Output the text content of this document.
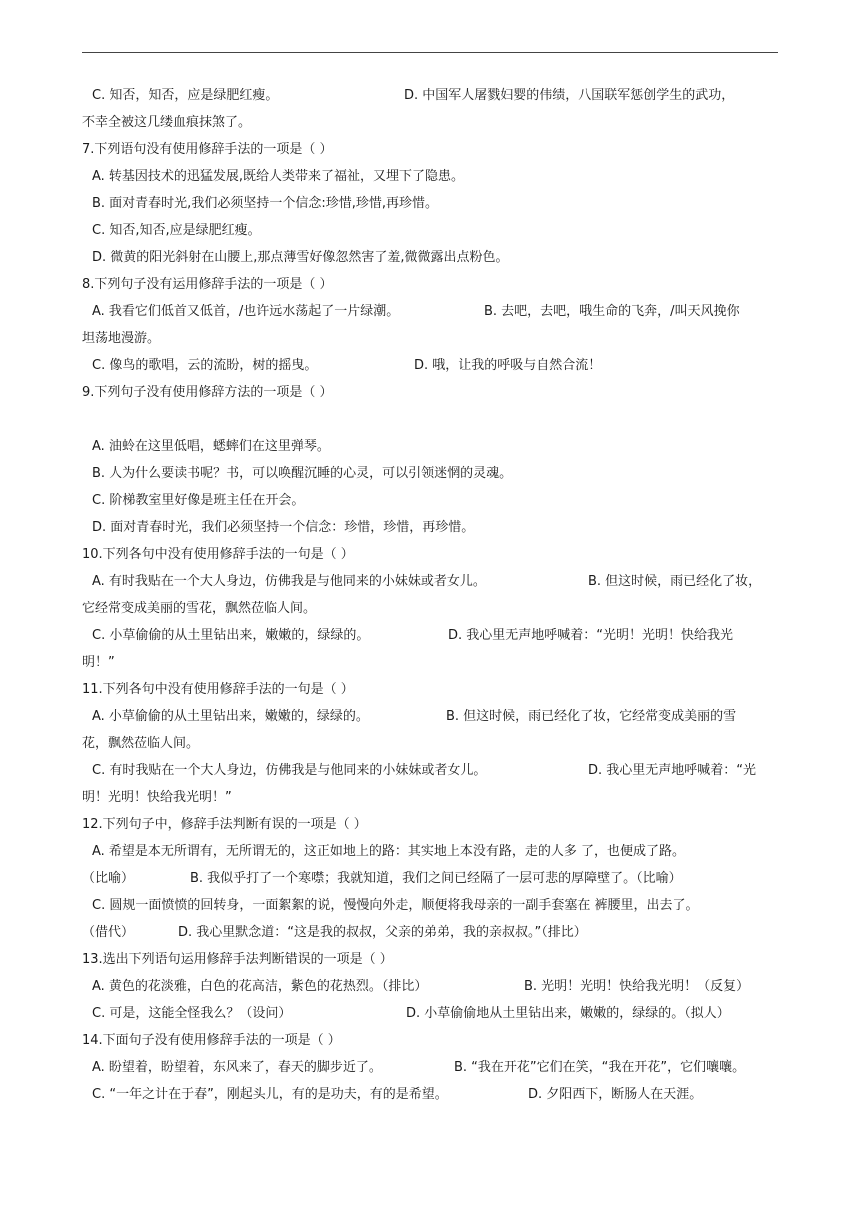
C. 知否，知否，应是绿肥红瘦。	D. 中国军人屠戮妇婴的伟绩，八国联军惩创学生的武功，
不幸全被这几缕血痕抹煞了。
7.下列语句没有使用修辞手法的一项是（ ）
A. 转基因技术的迅猛发展,既给人类带来了福祉，又埋下了隐患。
B. 面对青春时光,我们必须坚持一个信念:珍惜,珍惜,再珍惜。
C. 知否,知否,应是绿肥红瘦。
D. 微黄的阳光斜射在山腰上,那点薄雪好像忽然害了羞,微微露出点粉色。
8.下列句子没有运用修辞手法的一项是（ ）
A. 我看它们低首又低首，/也许远水荡起了一片绿潮。	B. 去吧，去吧，哦生命的飞奔，/叫天风挽你
坦荡地漫游。
C. 像鸟的歌唱，云的流盼，树的摇曳。	D. 哦，让我的呼吸与自然合流！
9.下列句子没有使用修辞方法的一项是（ ）
A. 油蛉在这里低唱，蟋蟀们在这里弹琴。
B. 人为什么要读书呢？书，可以唤醒沉睡的心灵，可以引领迷惘的灵魂。
C. 阶梯教室里好像是班主任在开会。
D. 面对青春时光，我们必须坚持一个信念：珍惜，珍惜，再珍惜。
10.下列各句中没有使用修辞手法的一句是（ ）
A. 有时我贴在一个大人身边，仿佛我是与他同来的小妹妹或者女儿。	B. 但这时候，雨已经化了妆，
它经常变成美丽的雪花，飘然莅临人间。
C. 小草偷偷的从土里钻出来，嫩嫩的，绿绿的。	D. 我心里无声地呼喊着：“光明！光明！快给我光
明！”
11.下列各句中没有使用修辞手法的一句是（ ）
A. 小草偷偷的从土里钻出来，嫩嫩的，绿绿的。	B. 但这时候，雨已经化了妆，它经常变成美丽的雪
花，飘然莅临人间。
C. 有时我贴在一个大人身边，仿佛我是与他同来的小妹妹或者女儿。	D. 我心里无声地呼喊着：“光
明！光明！快给我光明！”
12.下列句子中，修辞手法判断有误的一项是（ ）
A. 希望是本无所谓有，无所谓无的，这正如地上的路：其实地上本没有路，走的人多 了，也便成了路。
（比喻）	B. 我似乎打了一个寒噤；我就知道，我们之间已经隔了一层可悲的厚障壁了。（比喻）
C. 圆规一面愤愤的回转身，一面絮絮的说，慢慢向外走，顺便将我母亲的一副手套塞在 裤腰里，出去了。
（借代）	D. 我心里默念道：“这是我的叔叔，父亲的弟弟，我的亲叔叔。”（排比）
13.选出下列语句运用修辞手法判断错误的一项是（ ）
A. 黄色的花淡雅，白色的花高洁，紫色的花热烈。（排比）	B. 光明！光明！快给我光明！（反复）
C. 可是，这能全怪我么？（设问）	D. 小草偷偷地从土里钻出来，嫩嫩的，绿绿的。（拟人）
14.下面句子没有使用修辞手法的一项是（ ）
A. 盼望着，盼望着，东风来了，春天的脚步近了。	B. “我在开花”它们在笑，“我在开花”，它们嚷嚷。
C. “一年之计在于春”，刚起头儿，有的是功夫，有的是希望。	D. 夕阳西下，断肠人在天涯。
